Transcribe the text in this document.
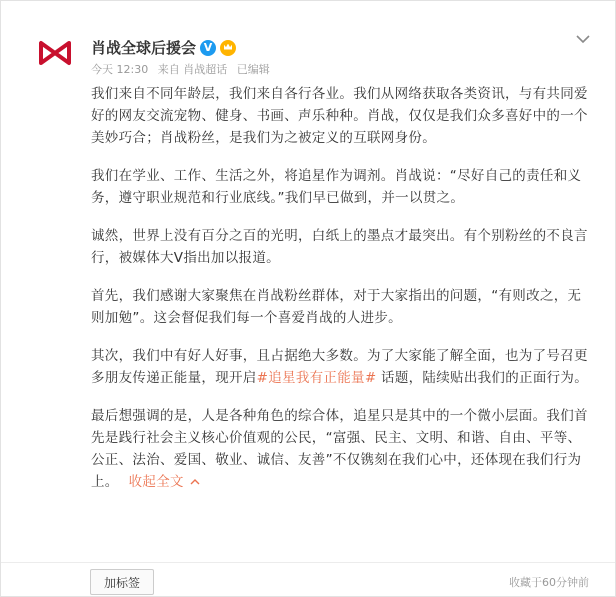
肖战全球后援会 V
今天 12:30 来自 肖战超话 已编辑

我们来自不同年龄层，我们来自各行各业。我们从网络获取各类资讯，与有共同爱好的网友交流宠物、健身、书画、声乐种种。肖战，仅仅是我们众多喜好中的一个美妙巧合；肖战粉丝，是我们为之被定义的互联网身份。

我们在学业、工作、生活之外，将追星作为调剂。肖战说：“尽好自己的责任和义务，遵守职业规范和行业底线。”我们早已做到，并一以贯之。

诚然，世界上没有百分之百的光明，白纸上的墨点才最突出。有个别粉丝的不良言行，被媒体大V指出加以报道。

首先，我们感谢大家聚焦在肖战粉丝群体，对于大家指出的问题，“有则改之，无则加勉”。这会督促我们每一个喜爱肖战的人进步。

其次，我们中有好人好事，且占据绝大多数。为了大家能了解全面，也为了号召更多朋友传递正能量，现开启#追星我有正能量# 话题，陆续贴出我们的正面行为。

最后想强调的是，人是各种角色的综合体，追星只是其中的一个微小层面。我们首先是践行社会主义核心价值观的公民，“富强、民主、文明、和谐、自由、平等、公正、法治、爱国、敬业、诚信、友善”不仅镌刻在我们心中，还体现在我们行为上。 收起全文

加标签	收藏于60分钟前
